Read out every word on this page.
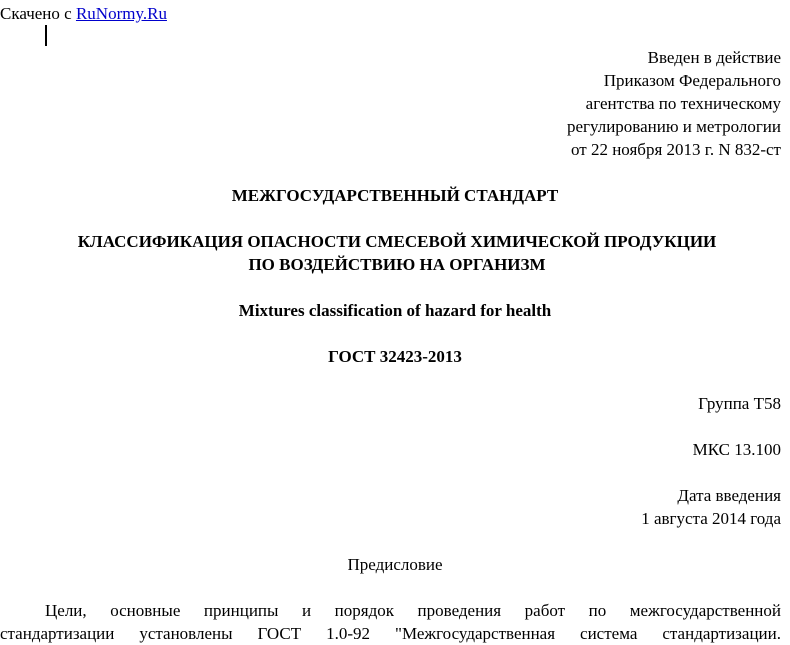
Скачено с RuNormy.Ru
Введен в действие
Приказом Федерального
агентства по техническому
регулированию и метрологии
от 22 ноября 2013 г. N 832-ст
МЕЖГОСУДАРСТВЕННЫЙ СТАНДАРТ
КЛАССИФИКАЦИЯ ОПАСНОСТИ СМЕСЕВОЙ ХИМИЧЕСКОЙ ПРОДУКЦИИ
ПО ВОЗДЕЙСТВИЮ НА ОРГАНИЗМ
Mixtures classification of hazard for health
ГОСТ 32423-2013
Группа Т58
МКС 13.100
Дата введения
1 августа 2014 года
Предисловие
Цели, основные принципы и порядок проведения работ по межгосударственной
стандартизации установлены ГОСТ 1.0-92 "Межгосударственная система стандартизации.
